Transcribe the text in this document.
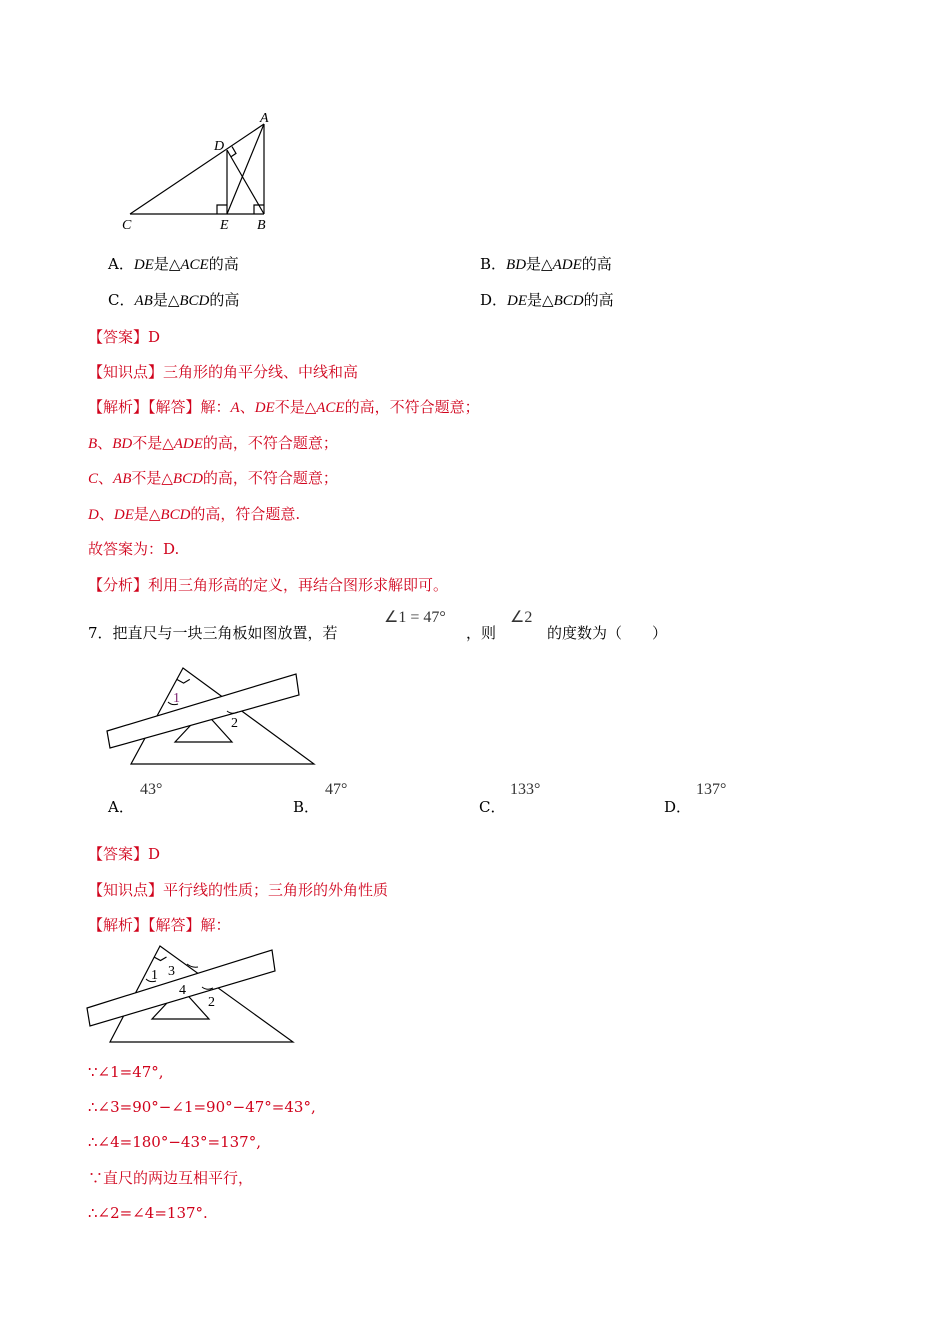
A
D
C	E B
A．DE是△ACE的高	B．BD是△ADE的高
C．AB是△BCD的高	D．DE是△BCD的高
【答案】D
【知识点】三角形的角平分线、中线和高
【解析】【解答】解：A、DE不是△ACE的高，不符合题意；
B、BD不是△ADE的高，不符合题意；
C、AB不是△BCD的高，不符合题意；
D、DE是△BCD的高，符合题意.
故答案为：D.
【分析】利用三角形高的定义，再结合图形求解即可。
7．把直尺与一块三角板如图放置，若
∠1 = 47°
，则
∠2
的度数为（　　）
1
2
A．
43°
B．
47°
C．
133°
D．
137°
【答案】D
【知识点】平行线的性质；三角形的外角性质
【解析】【解答】解：
1 3
4
2
∵∠1=47°,
∴∠3=90°−∠1=90°−47°=43°,
∴∠4=180°−43°=137°,
∵直尺的两边互相平行，
∴∠2=∠4=137°.
